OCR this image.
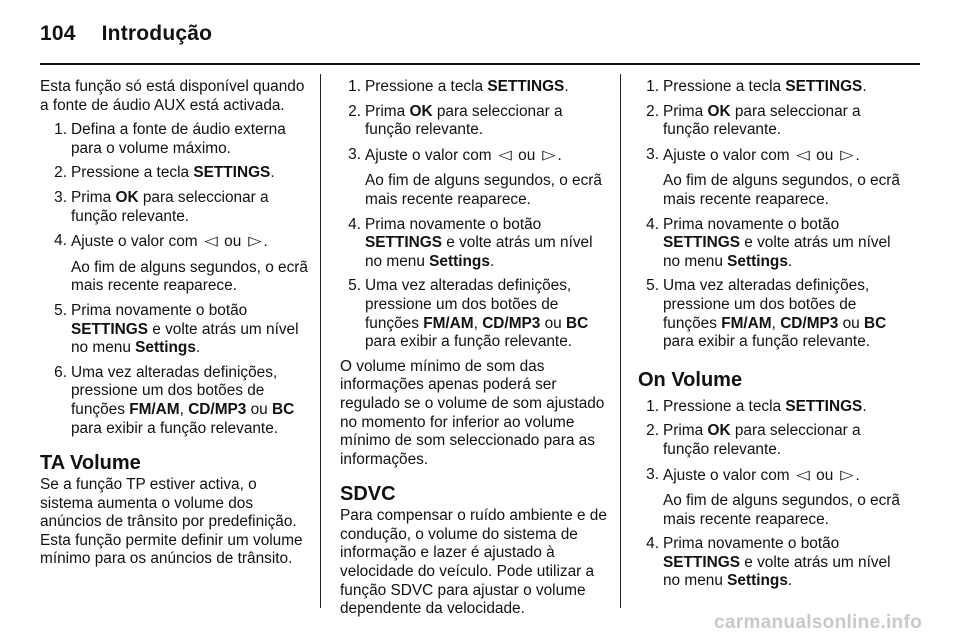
104 Introdução

Esta função só está disponível quando a fonte de áudio AUX está activada.

1. Defina a fonte de áudio externa para o volume máximo.
2. Pressione a tecla SETTINGS.
3. Prima OK para seleccionar a função relevante.
4. Ajuste o valor com ◁ ou ▷ .

Ao fim de alguns segundos, o ecrã mais recente reaparece.

5. Prima novamente o botão SETTINGS e volte atrás um nível no menu Settings.
6. Uma vez alteradas definições, pressione um dos botões de funções FM/AM, CD/MP3 ou BC para exibir a função relevante.
TA Volume

Se a função TP estiver activa, o sistema aumenta o volume dos anúncios de trânsito por predefinição. Esta função permite definir um volume mínimo para os anúncios de trânsito.

1. Pressione a tecla SETTINGS.
2. Prima OK para seleccionar a função relevante.
3. Ajuste o valor com ◁ ou ▷ .

Ao fim de alguns segundos, o ecrã mais recente reaparece.

4. Prima novamente o botão SETTINGS e volte atrás um nível no menu Settings.
5. Uma vez alteradas definições, pressione um dos botões de funções FM/AM, CD/MP3 ou BC para exibir a função relevante.

O volume mínimo de som das informações apenas poderá ser regulado se o volume de som ajustado no momento for inferior ao volume mínimo de som seleccionado para as informações.

SDVC

Para compensar o ruído ambiente e de condução, o volume do sistema de informação e lazer é ajustado à velocidade do veículo. Pode utilizar a função SDVC para ajustar o volume dependente da velocidade.

1. Pressione a tecla SETTINGS.
2. Prima OK para seleccionar a função relevante.
3. Ajuste o valor com ◁ ou ▷ .

Ao fim de alguns segundos, o ecrã mais recente reaparece.

4. Prima novamente o botão SETTINGS e volte atrás um nível no menu Settings.
5. Uma vez alteradas definições, pressione um dos botões de funções FM/AM, CD/MP3 ou BC para exibir a função relevante.
On Volume
1. Pressione a tecla SETTINGS.
2. Prima OK para seleccionar a função relevante.
3. Ajuste o valor com ◁ ou ▷ .

Ao fim de alguns segundos, o ecrã mais recente reaparece.

4. Prima novamente o botão SETTINGS e volte atrás um nível no menu Settings.
carmanualsonline.info
